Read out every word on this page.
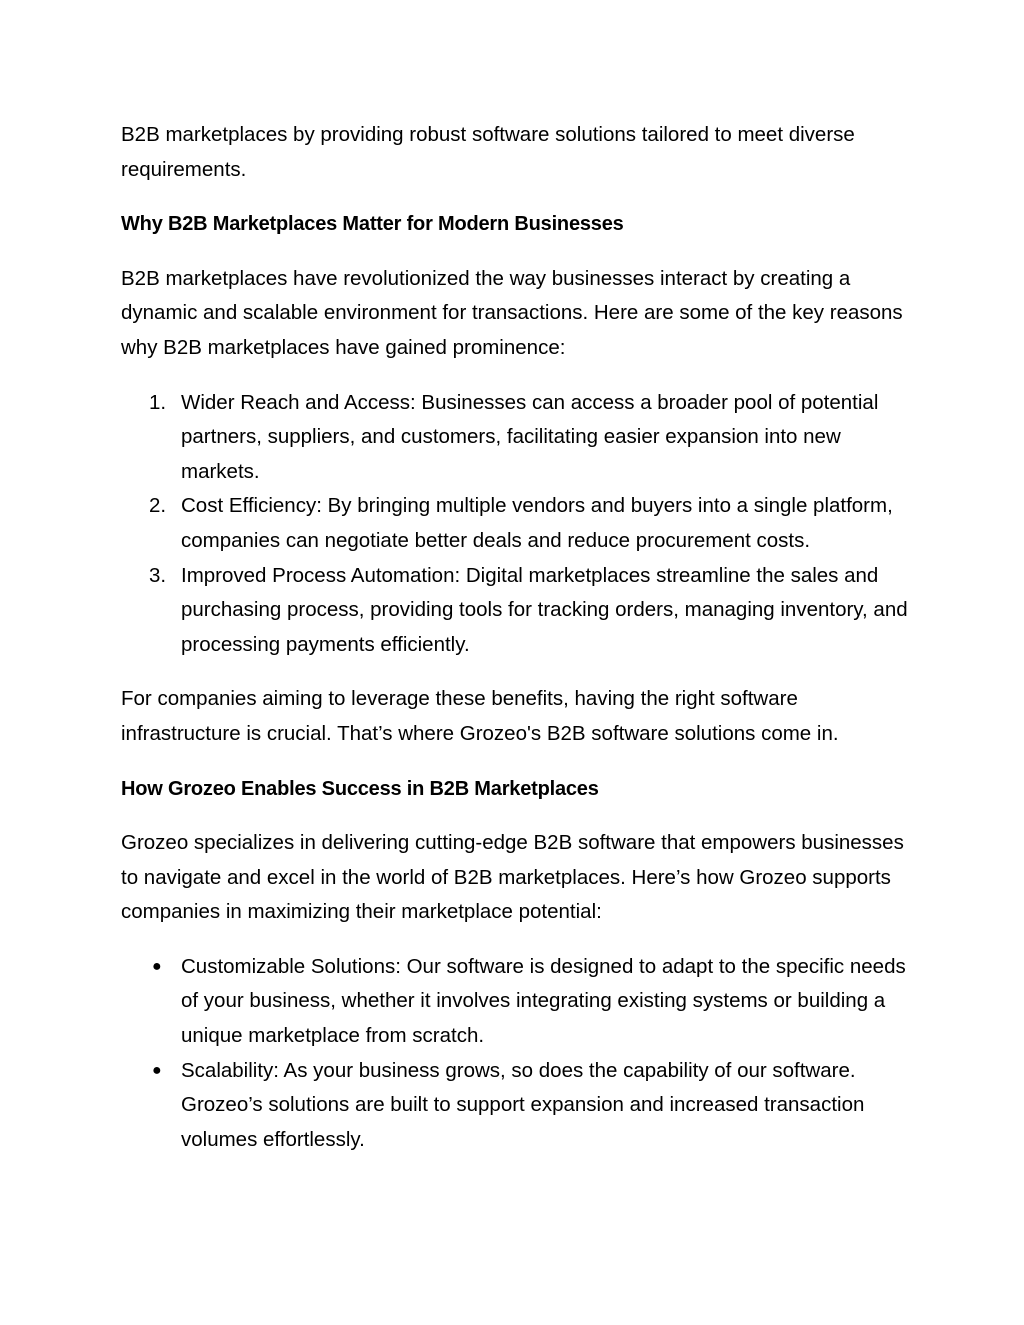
B2B marketplaces by providing robust software solutions tailored to meet diverse requirements.

Why B2B Marketplaces Matter for Modern Businesses

B2B marketplaces have revolutionized the way businesses interact by creating a dynamic and scalable environment for transactions. Here are some of the key reasons why B2B marketplaces have gained prominence:

1. Wider Reach and Access: Businesses can access a broader pool of potential partners, suppliers, and customers, facilitating easier expansion into new markets.
2. Cost Efficiency: By bringing multiple vendors and buyers into a single platform, companies can negotiate better deals and reduce procurement costs.
3. Improved Process Automation: Digital marketplaces streamline the sales and purchasing process, providing tools for tracking orders, managing inventory, and processing payments efficiently.

For companies aiming to leverage these benefits, having the right software infrastructure is crucial. That’s where Grozeo's B2B software solutions come in.

How Grozeo Enables Success in B2B Marketplaces

Grozeo specializes in delivering cutting-edge B2B software that empowers businesses to navigate and excel in the world of B2B marketplaces. Here’s how Grozeo supports companies in maximizing their marketplace potential:

● Customizable Solutions: Our software is designed to adapt to the specific needs of your business, whether it involves integrating existing systems or building a unique marketplace from scratch.
● Scalability: As your business grows, so does the capability of our software. Grozeo’s solutions are built to support expansion and increased transaction volumes effortlessly.
